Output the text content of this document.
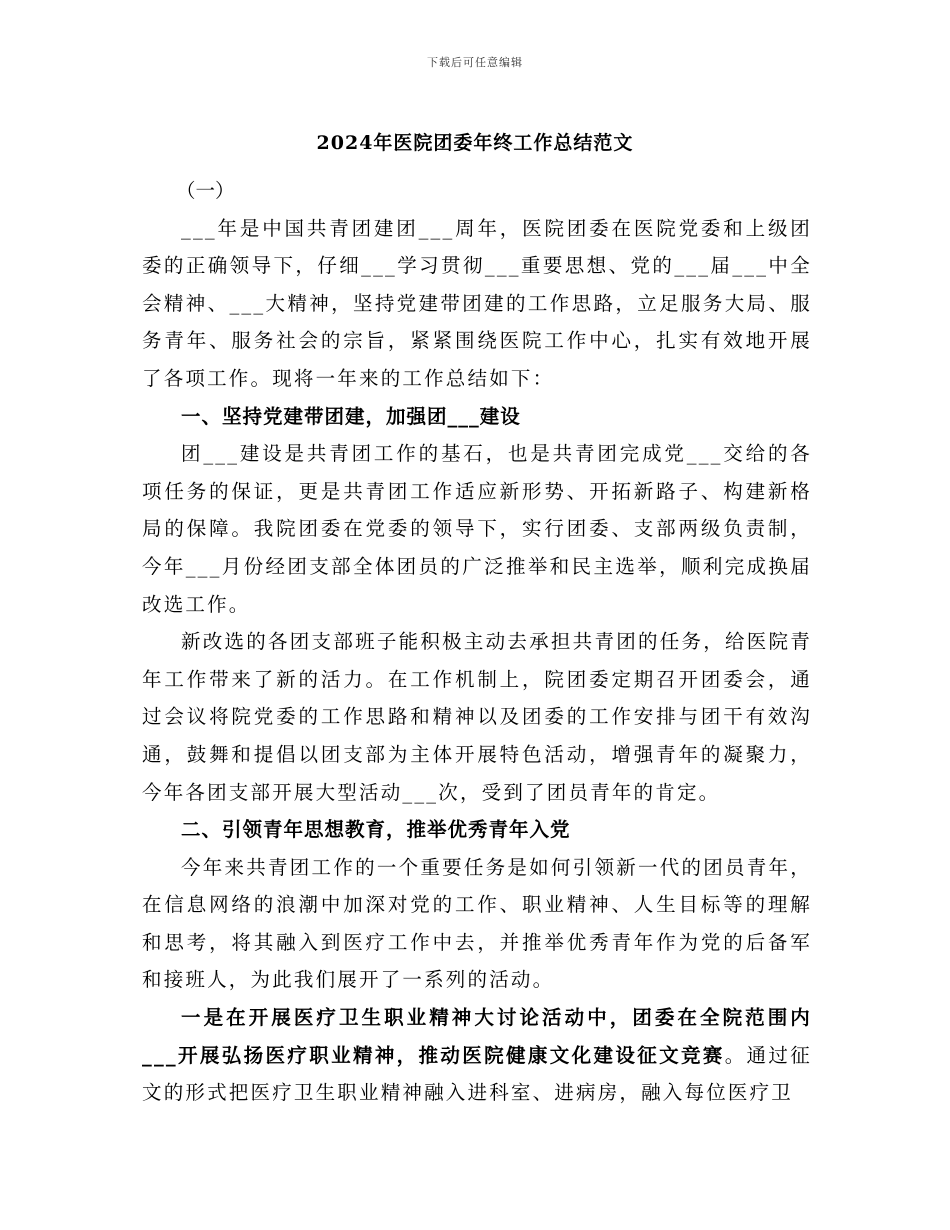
下载后可任意编辑
2024年医院团委年终工作总结范文

（一）

___年是中国共青团建团___周年，医院团委在医院党委和上级团委的正确领导下，仔细___学习贯彻___重要思想、党的___届___中全会精神、___大精神，坚持党建带团建的工作思路，立足服务大局、服务青年、服务社会的宗旨，紧紧围绕医院工作中心，扎实有效地开展了各项工作。现将一年来的工作总结如下：

一、坚持党建带团建，加强团___建设

团___建设是共青团工作的基石，也是共青团完成党___交给的各项任务的保证，更是共青团工作适应新形势、开拓新路子、构建新格局的保障。我院团委在党委的领导下，实行团委、支部两级负责制，今年___月份经团支部全体团员的广泛推举和民主选举，顺利完成换届改选工作。

新改选的各团支部班子能积极主动去承担共青团的任务，给医院青年工作带来了新的活力。在工作机制上，院团委定期召开团委会，通过会议将院党委的工作思路和精神以及团委的工作安排与团干有效沟通，鼓舞和提倡以团支部为主体开展特色活动，增强青年的凝聚力，今年各团支部开展大型活动___次，受到了团员青年的肯定。

二、引领青年思想教育，推举优秀青年入党

今年来共青团工作的一个重要任务是如何引领新一代的团员青年，在信息网络的浪潮中加深对党的工作、职业精神、人生目标等的理解和思考，将其融入到医疗工作中去，并推举优秀青年作为党的后备军和接班人，为此我们展开了一系列的活动。

一是在开展医疗卫生职业精神大讨论活动中，团委在全院范围内___开展弘扬医疗职业精神，推动医院健康文化建设征文竞赛。通过征文的形式把医疗卫生职业精神融入进科室、进病房，融入每位医疗卫
